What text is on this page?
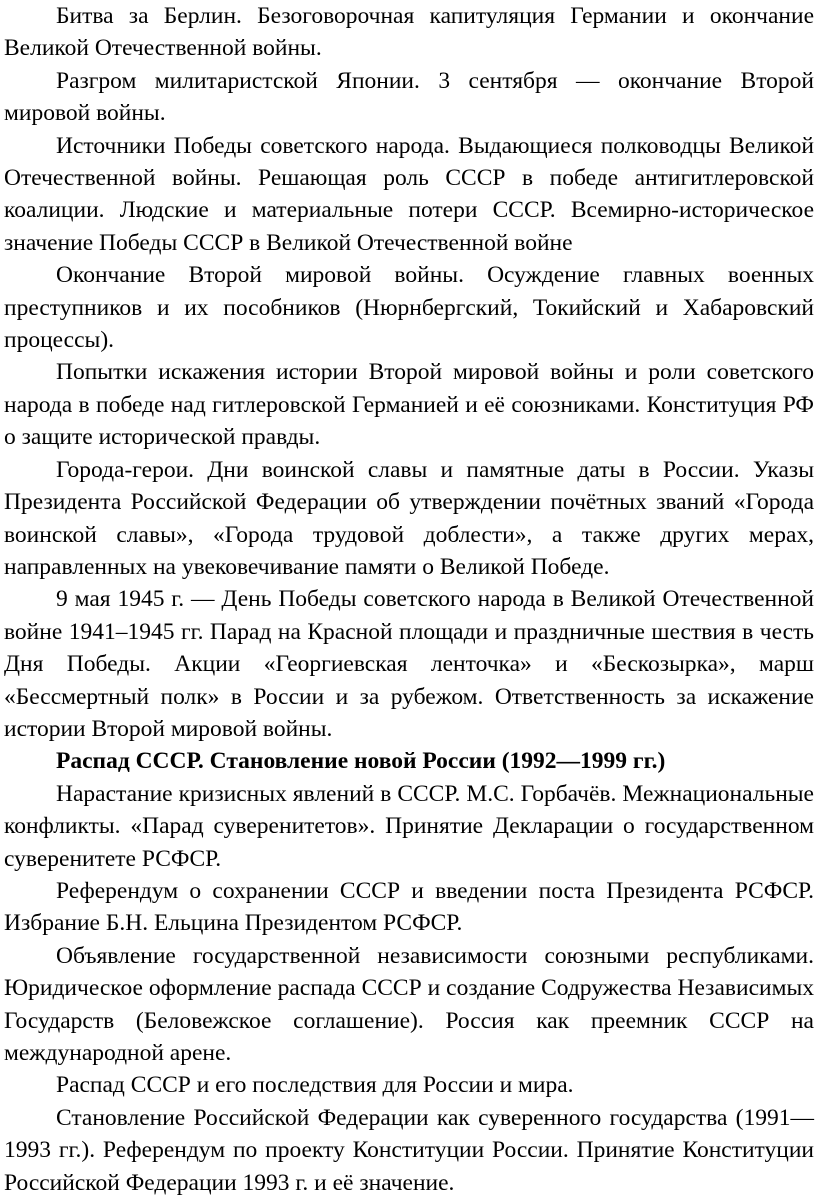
Битва за Берлин. Безоговорочная капитуляция Германии и окончание Великой Отечественной войны.

Разгром милитаристской Японии. 3 сентября — окончание Второй мировой войны.

Источники Победы советского народа. Выдающиеся полководцы Великой Отечественной войны. Решающая роль СССР в победе антигитлеровской коалиции. Людские и материальные потери СССР. Всемирно-историческое значение Победы СССР в Великой Отечественной войне

Окончание Второй мировой войны. Осуждение главных военных преступников и их пособников (Нюрнбергский, Токийский и Хабаровский процессы).

Попытки искажения истории Второй мировой войны и роли советского народа в победе над гитлеровской Германией и её союзниками. Конституция РФ о защите исторической правды.

Города-герои. Дни воинской славы и памятные даты в России. Указы Президента Российской Федерации об утверждении почётных званий «Города воинской славы», «Города трудовой доблести», а также других мерах, направленных на увековечивание памяти о Великой Победе.

9 мая 1945 г. — День Победы советского народа в Великой Отечественной войне 1941–1945 гг. Парад на Красной площади и праздничные шествия в честь Дня Победы. Акции «Георгиевская ленточка» и «Бескозырка», марш «Бессмертный полк» в России и за рубежом. Ответственность за искажение истории Второй мировой войны.

Распад СССР. Становление новой России (1992—1999 гг.)

Нарастание кризисных явлений в СССР. М.С. Горбачёв. Межнациональные конфликты. «Парад суверенитетов». Принятие Декларации о государственном суверенитете РСФСР.

Референдум о сохранении СССР и введении поста Президента РСФСР. Избрание Б.Н. Ельцина Президентом РСФСР.

Объявление государственной независимости союзными республиками. Юридическое оформление распада СССР и создание Содружества Независимых Государств (Беловежское соглашение). Россия как преемник СССР на международной арене.

Распад СССР и его последствия для России и мира.

Становление Российской Федерации как суверенного государства (1991—1993 гг.). Референдум по проекту Конституции России. Принятие Конституции Российской Федерации 1993 г. и её значение.
